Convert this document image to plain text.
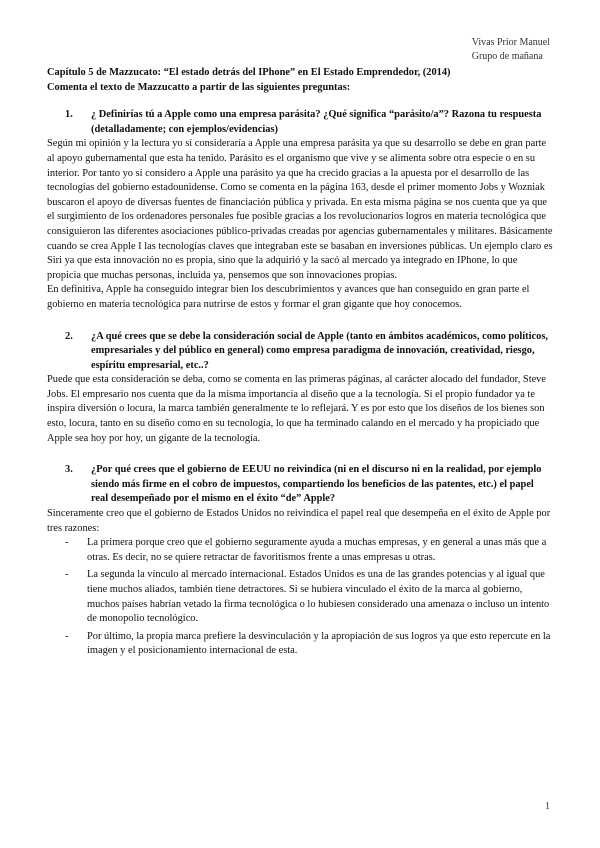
Vivas Prior Manuel
Grupo de mañana

Capítulo 5 de Mazzucato: “El estado detrás del IPhone” en El Estado Emprendedor, (2014)

Comenta el texto de Mazzucatto a partir de las siguientes preguntas:

1. ¿ Definirías tú a Apple como una empresa parásita? ¿Qué significa “parásito/a”? Razona tu respuesta (detalladamente; con ejemplos/evidencias)

Según mi opinión y la lectura yo sí consideraría a Apple una empresa parásita ya que su desarrollo se debe en gran parte al apoyo gubernamental que esta ha tenido. Parásito es el organismo que vive y se alimenta sobre otra especie o en su interior. Por tanto yo sí considero a Apple una parásito ya que ha crecido gracias a la apuesta por el desarrollo de las tecnologías del gobierno estadounidense. Como se comenta en la página 163, desde el primer momento Jobs y Wozniak buscaron el apoyo de diversas fuentes de financiación pública y privada. En esta misma página se nos cuenta que ya que el surgimiento de los ordenadores personales fue posible gracias a los revolucionarios logros en materia tecnológica que consiguieron las diferentes asociaciones público-privadas creadas por agencias gubernamentales y militares. Básicamente cuando se crea Apple I las tecnologías claves que integraban este se basaban en inversiones públicas. Un ejemplo claro es Siri ya que esta innovación no es propia, sino que la adquirió y la sacó al mercado ya integrado en IPhone, lo que propicia que muchas personas, incluida ya, pensemos que son innovaciones propias.

En definitiva, Apple ha conseguido integrar bien los descubrimientos y avances que han conseguido en gran parte el gobierno en materia tecnológica para nutrirse de estos y formar el gran gigante que hoy conocemos.

2. ¿A qué crees que se debe la consideración social de Apple (tanto en ámbitos académicos, como políticos, empresariales y del público en general) como empresa paradigma de innovación, creatividad, riesgo, espíritu empresarial, etc..?

Puede que esta consideración se deba, como se comenta en las primeras páginas, al carácter alocado del fundador, Steve Jobs. El empresario nos cuenta que da la misma importancia al diseño que a la tecnología. Si el propio fundador ya te inspira diversión o locura, la marca también generalmente te lo reflejará. Y es por esto que los diseños de los bienes son esto, locura, tanto en su diseño como en su tecnología, lo que ha terminado calando en el mercado y ha propiciado que Apple sea hoy por hoy, un gigante de la tecnología.

3. ¿Por qué crees que el gobierno de EEUU no reivindica (ni en el discurso ni en la realidad, por ejemplo siendo más firme en el cobro de impuestos, compartiendo los beneficios de las patentes, etc.) el papel real desempeñado por el mismo en el éxito “de” Apple?

Sinceramente creo que el gobierno de Estados Unidos no reivindica el papel real que desempeña en el éxito de Apple por tres razones:

- La primera porque creo que el gobierno seguramente ayuda a muchas empresas, y en general a unas más que a otras. Es decir, no se quiere retractar de favoritismos frente a unas empresas u otras.
- La segunda la vínculo al mercado internacional. Estados Unidos es una de las grandes potencias y al igual que tiene muchos aliados, también tiene detractores. Si se hubiera vinculado el éxito de la marca al gobierno, muchos países habrían vetado la firma tecnológica o lo hubiesen considerado una amenaza o incluso un intento de monopolio tecnológico.
- Por último, la propia marca prefiere la desvinculación y la apropiación de sus logros ya que esto repercute en la imagen y el posicionamiento internacional de esta.
1
